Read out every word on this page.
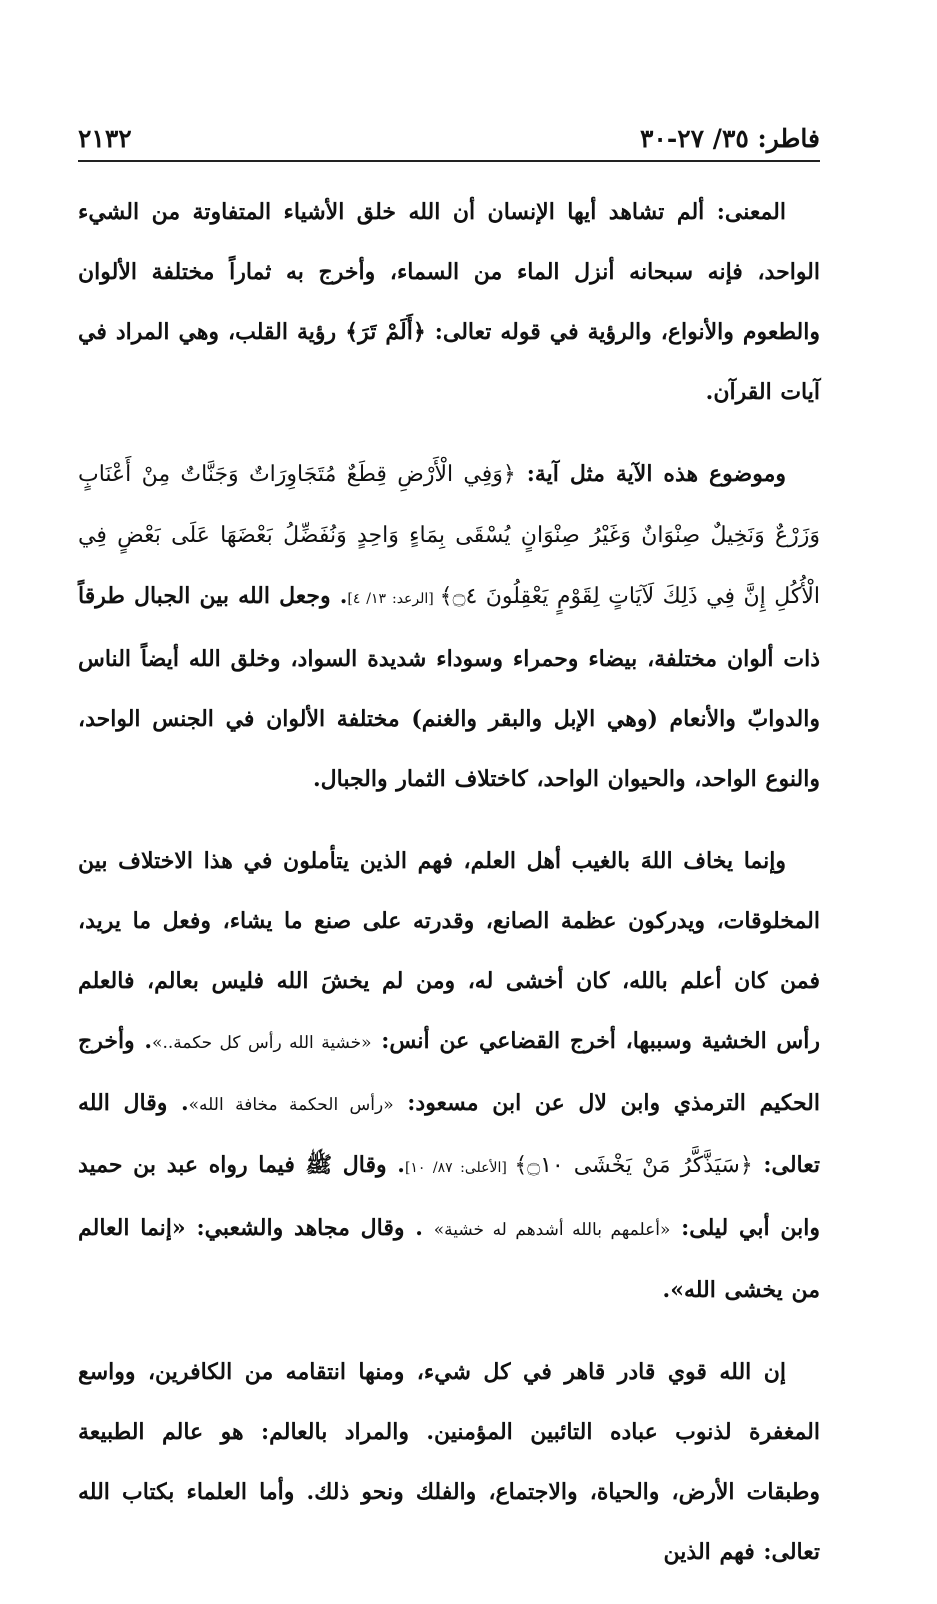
فاطر: ٣٥/ ٢٧-٣٠
٢١٣٢

المعنى: ألم تشاهد أيها الإنسان أن الله خلق الأشياء المتفاوتة من الشيء الواحد، فإنه سبحانه أنزل الماء من السماء، وأخرج به ثماراً مختلفة الألوان والطعوم والأنواع، والرؤية في قوله تعالى: ﴿أَلَمْ تَرَ﴾ رؤية القلب، وهي المراد في آيات القرآن.

وموضوع هذه الآية مثل آية: ﴿وَفِي الْأَرْضِ قِطَعٌ مُتَجَاوِرَاتٌ وَجَنَّاتٌ مِنْ أَعْنَابٍ وَزَرْعٌ وَنَخِيلٌ صِنْوَانٌ وَغَيْرُ صِنْوَانٍ يُسْقَى بِمَاءٍ وَاحِدٍ وَنُفَضِّلُ بَعْضَهَا عَلَى بَعْضٍ فِي الْأُكُلِ إِنَّ فِي ذَلِكَ لَآيَاتٍ لِقَوْمٍ يَعْقِلُونَ ۝٤﴾ [الرعد: ١٣/ ٤]. وجعل الله بين الجبال طرقاً ذات ألوان مختلفة، بيضاء وحمراء وسوداء شديدة السواد، وخلق الله أيضاً الناس والدوابّ والأنعام (وهي الإبل والبقر والغنم) مختلفة الألوان في الجنس الواحد، والنوع الواحد، والحيوان الواحد، كاختلاف الثمار والجبال.

وإنما يخاف اللهَ بالغيب أهل العلم، فهم الذين يتأملون في هذا الاختلاف بين المخلوقات، ويدركون عظمة الصانع، وقدرته على صنع ما يشاء، وفعل ما يريد، فمن كان أعلم بالله، كان أخشى له، ومن لم يخشَ الله فليس بعالم، فالعلم رأس الخشية وسببها، أخرج القضاعي عن أنس: «خشية الله رأس كل حكمة..». وأخرج الحكيم الترمذي وابن لال عن ابن مسعود: «رأس الحكمة مخافة الله». وقال الله تعالى: ﴿سَيَذَّكَّرُ مَنْ يَخْشَى ۝١٠﴾ [الأعلى: ٨٧/ ١٠]. وقال ﷺ فيما رواه عبد بن حميد وابن أبي ليلى: «أعلمهم بالله أشدهم له خشية» . وقال مجاهد والشعبي: «إنما العالم من يخشى الله».

إن الله قوي قادر قاهر في كل شيء، ومنها انتقامه من الكافرين، وواسع المغفرة لذنوب عباده التائبين المؤمنين. والمراد بالعالم: هو عالم الطبيعة وطبقات الأرض، والحياة، والاجتماع، والفلك ونحو ذلك. وأما العلماء بكتاب الله تعالى: فهم الذين
